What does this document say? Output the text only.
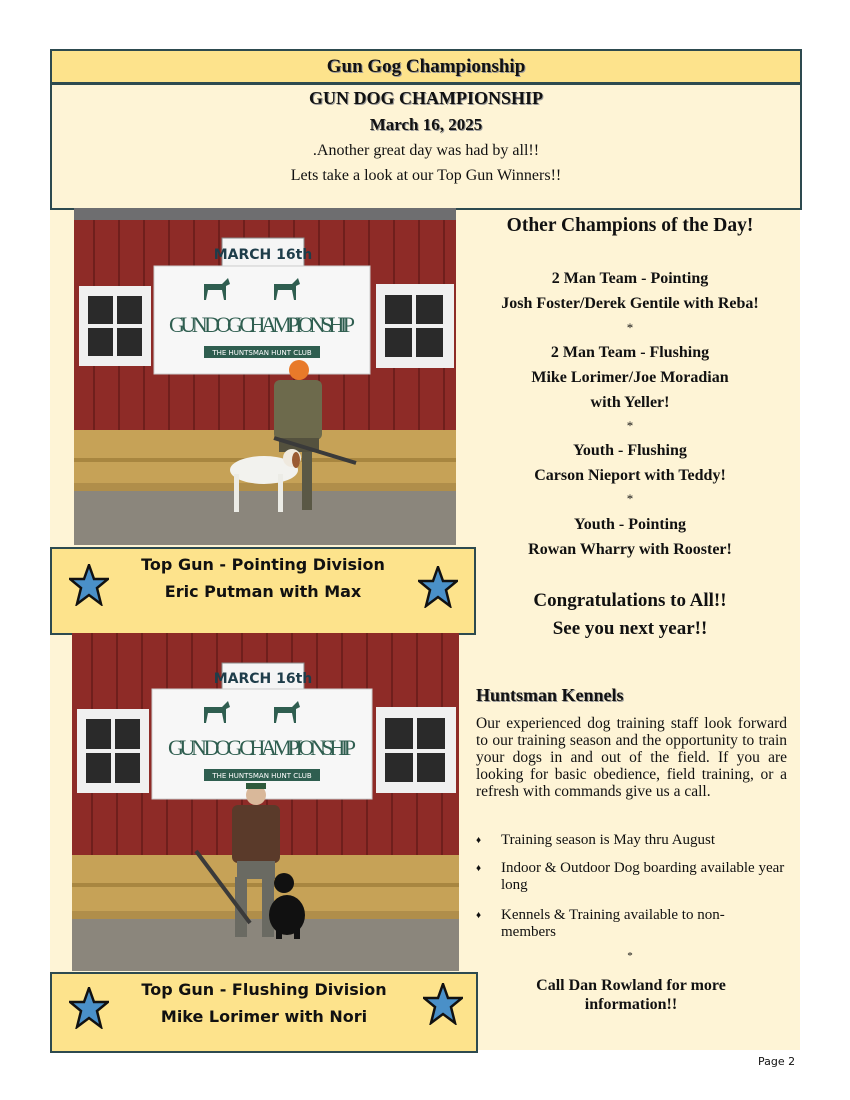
Gun Gog Championship
GUN DOG CHAMPIONSHIP
March 16, 2025
.Another great day was had by all!!
Lets take a look at our Top Gun Winners!!
MARCH 16th
GUN DOG CHAMPIONSHIP
THE HUNTSMAN HUNT CLUB
Top Gun - Pointing Division
Eric Putman with Max
MARCH 16th
GUN DOG CHAMPIONSHIP
THE HUNTSMAN HUNT CLUB
Top Gun - Flushing Division
Mike Lorimer with Nori
Other Champions of the Day!
2 Man Team - Pointing
Josh Foster/Derek Gentile with Reba!
*
2 Man Team - Flushing
Mike Lorimer/Joe Moradian
with Yeller!
*
Youth - Flushing
Carson Nieport with Teddy!
*
Youth - Pointing
Rowan Wharry with Rooster!
Congratulations to All!!
See you next year!!
Huntsman Kennels
Our experienced dog training staff look forward to our training season and the opportunity to train your dogs in and out of the field. If you are looking for basic obedience, field training, or a refresh with commands give us a call.
♦ Training season is May thru August
♦ Indoor & Outdoor Dog boarding available year long
♦ Kennels & Training available to non-members
*
Call Dan Rowland for more information!!
Page 2
